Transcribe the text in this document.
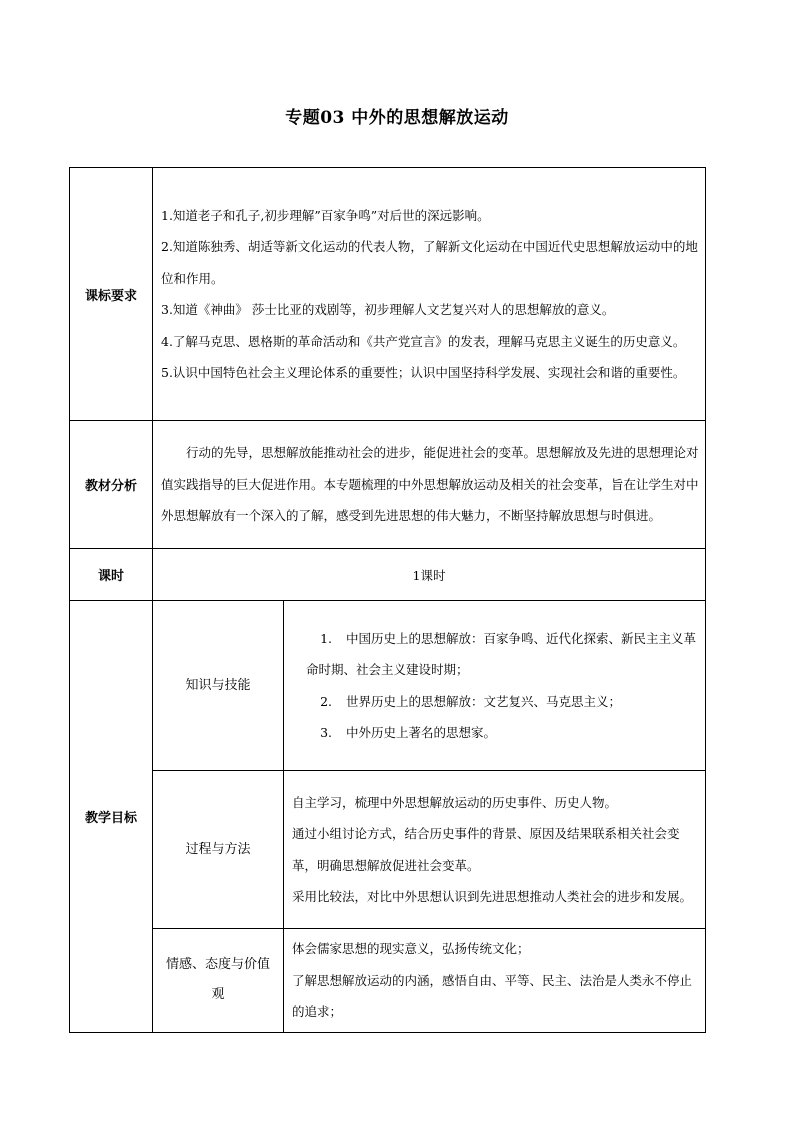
专题03 中外的思想解放运动
课标要求	1.知道老子和孔子,初步理解”百家争鸣”对后世的深远影响。
2.知道陈独秀、胡适等新文化运动的代表人物，了解新文化运动在中国近代史思想解放运动中的地位和作用。
3.知道《神曲》 莎士比亚的戏剧等，初步理解人文艺复兴对人的思想解放的意义。
4.了解马克思、恩格斯的革命活动和《共产党宣言》的发表，理解马克思主义诞生的历史意义。
5.认识中国特色社会主义理论体系的重要性；认识中国坚持科学发展、实现社会和谐的重要性。	

教材分析	行动的先导，思想解放能推动社会的进步，能促进社会的变革。思想解放及先进的思想理论对值实践指导的巨大促进作用。本专题梳理的中外思想解放运动及相关的社会变革，旨在让学生对中外思想解放有一个深入的了解，感受到先进思想的伟大魅力，不断坚持解放思想与时俱进。	
课时	1课时	
教学目标	知识与技能	1. 中国历史上的思想解放：百家争鸣、近代化探索、新民主主义革命时期、社会主义建设时期；
2. 世界历史上的思想解放：文艺复兴、马克思主义；
3. 中外历史上著名的思想家。

	过程与方法	自主学习，梳理中外思想解放运动的历史事件、历史人物。
通过小组讨论方式，结合历史事件的背景、原因及结果联系相关社会变革，明确思想解放促进社会变革。
采用比较法，对比中外思想认识到先进思想推动人类社会的进步和发展。

	情感、态度与价值观	体会儒家思想的现实意义，弘扬传统文化；
了解思想解放运动的内涵，感悟自由、平等、民主、法治是人类永不停止的追求；
